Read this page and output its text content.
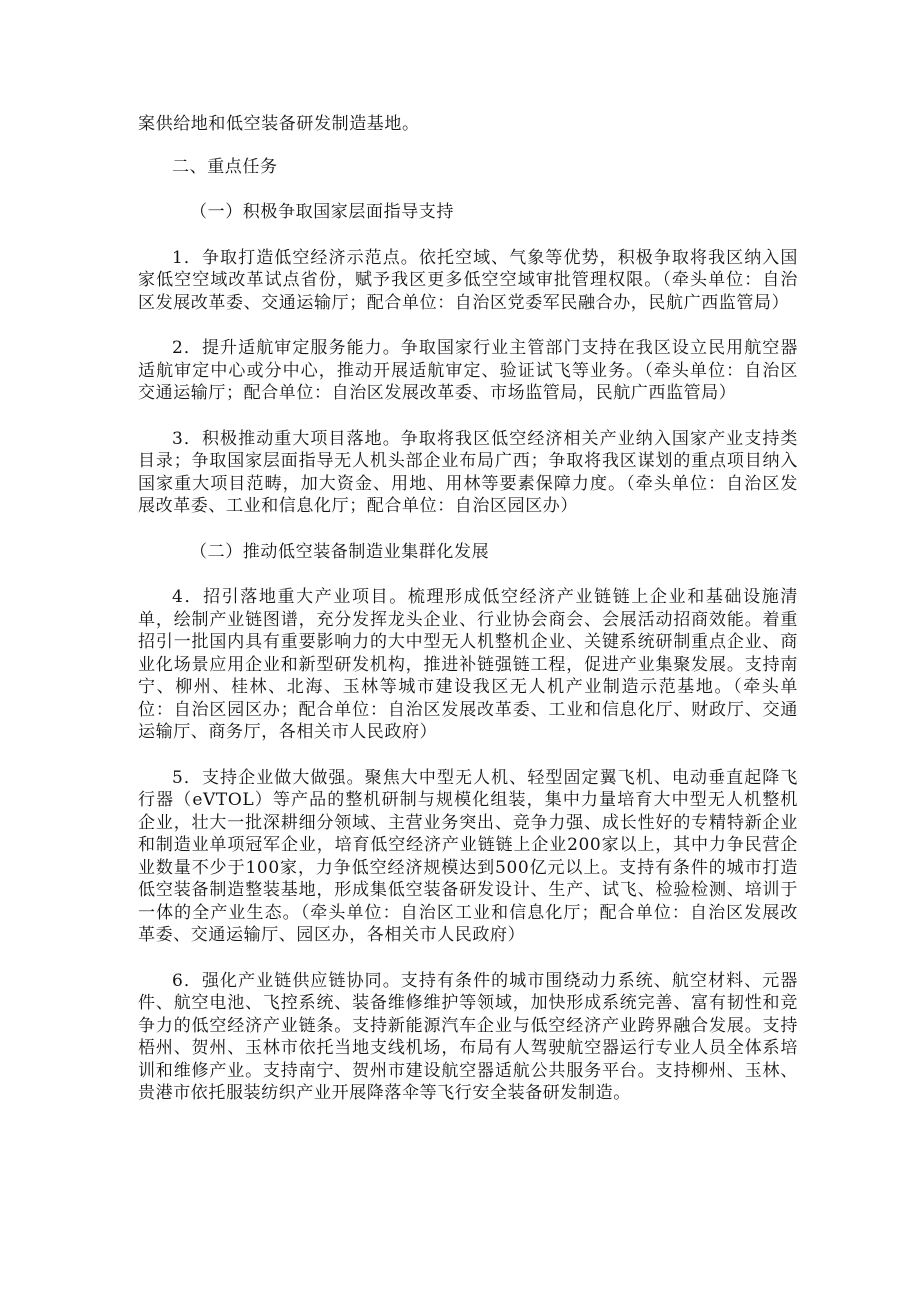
案供给地和低空装备研发制造基地。

二、重点任务

（一）积极争取国家层面指导支持

1．争取打造低空经济示范点。依托空域、气象等优势，积极争取将我区纳入国家低空空域改革试点省份，赋予我区更多低空空域审批管理权限。（牵头单位：自治区发展改革委、交通运输厅；配合单位：自治区党委军民融合办，民航广西监管局）

2．提升适航审定服务能力。争取国家行业主管部门支持在我区设立民用航空器适航审定中心或分中心，推动开展适航审定、验证试飞等业务。（牵头单位：自治区交通运输厅；配合单位：自治区发展改革委、市场监管局，民航广西监管局）

3．积极推动重大项目落地。争取将我区低空经济相关产业纳入国家产业支持类目录；争取国家层面指导无人机头部企业布局广西；争取将我区谋划的重点项目纳入国家重大项目范畴，加大资金、用地、用林等要素保障力度。（牵头单位：自治区发展改革委、工业和信息化厅；配合单位：自治区园区办）

（二）推动低空装备制造业集群化发展

4．招引落地重大产业项目。梳理形成低空经济产业链链上企业和基础设施清单，绘制产业链图谱，充分发挥龙头企业、行业协会商会、会展活动招商效能。着重招引一批国内具有重要影响力的大中型无人机整机企业、关键系统研制重点企业、商业化场景应用企业和新型研发机构，推进补链强链工程，促进产业集聚发展。支持南宁、柳州、桂林、北海、玉林等城市建设我区无人机产业制造示范基地。（牵头单位：自治区园区办；配合单位：自治区发展改革委、工业和信息化厅、财政厅、交通运输厅、商务厅，各相关市人民政府）

5．支持企业做大做强。聚焦大中型无人机、轻型固定翼飞机、电动垂直起降飞行器（eVTOL）等产品的整机研制与规模化组装，集中力量培育大中型无人机整机企业，壮大一批深耕细分领域、主营业务突出、竞争力强、成长性好的专精特新企业和制造业单项冠军企业，培育低空经济产业链链上企业200家以上，其中力争民营企业数量不少于100家，力争低空经济规模达到500亿元以上。支持有条件的城市打造低空装备制造整装基地，形成集低空装备研发设计、生产、试飞、检验检测、培训于一体的全产业生态。（牵头单位：自治区工业和信息化厅；配合单位：自治区发展改革委、交通运输厅、园区办，各相关市人民政府）

6．强化产业链供应链协同。支持有条件的城市围绕动力系统、航空材料、元器件、航空电池、飞控系统、装备维修维护等领域，加快形成系统完善、富有韧性和竞争力的低空经济产业链条。支持新能源汽车企业与低空经济产业跨界融合发展。支持梧州、贺州、玉林市依托当地支线机场，布局有人驾驶航空器运行专业人员全体系培训和维修产业。支持南宁、贺州市建设航空器适航公共服务平台。支持柳州、玉林、贵港市依托服装纺织产业开展降落伞等飞行安全装备研发制造。
